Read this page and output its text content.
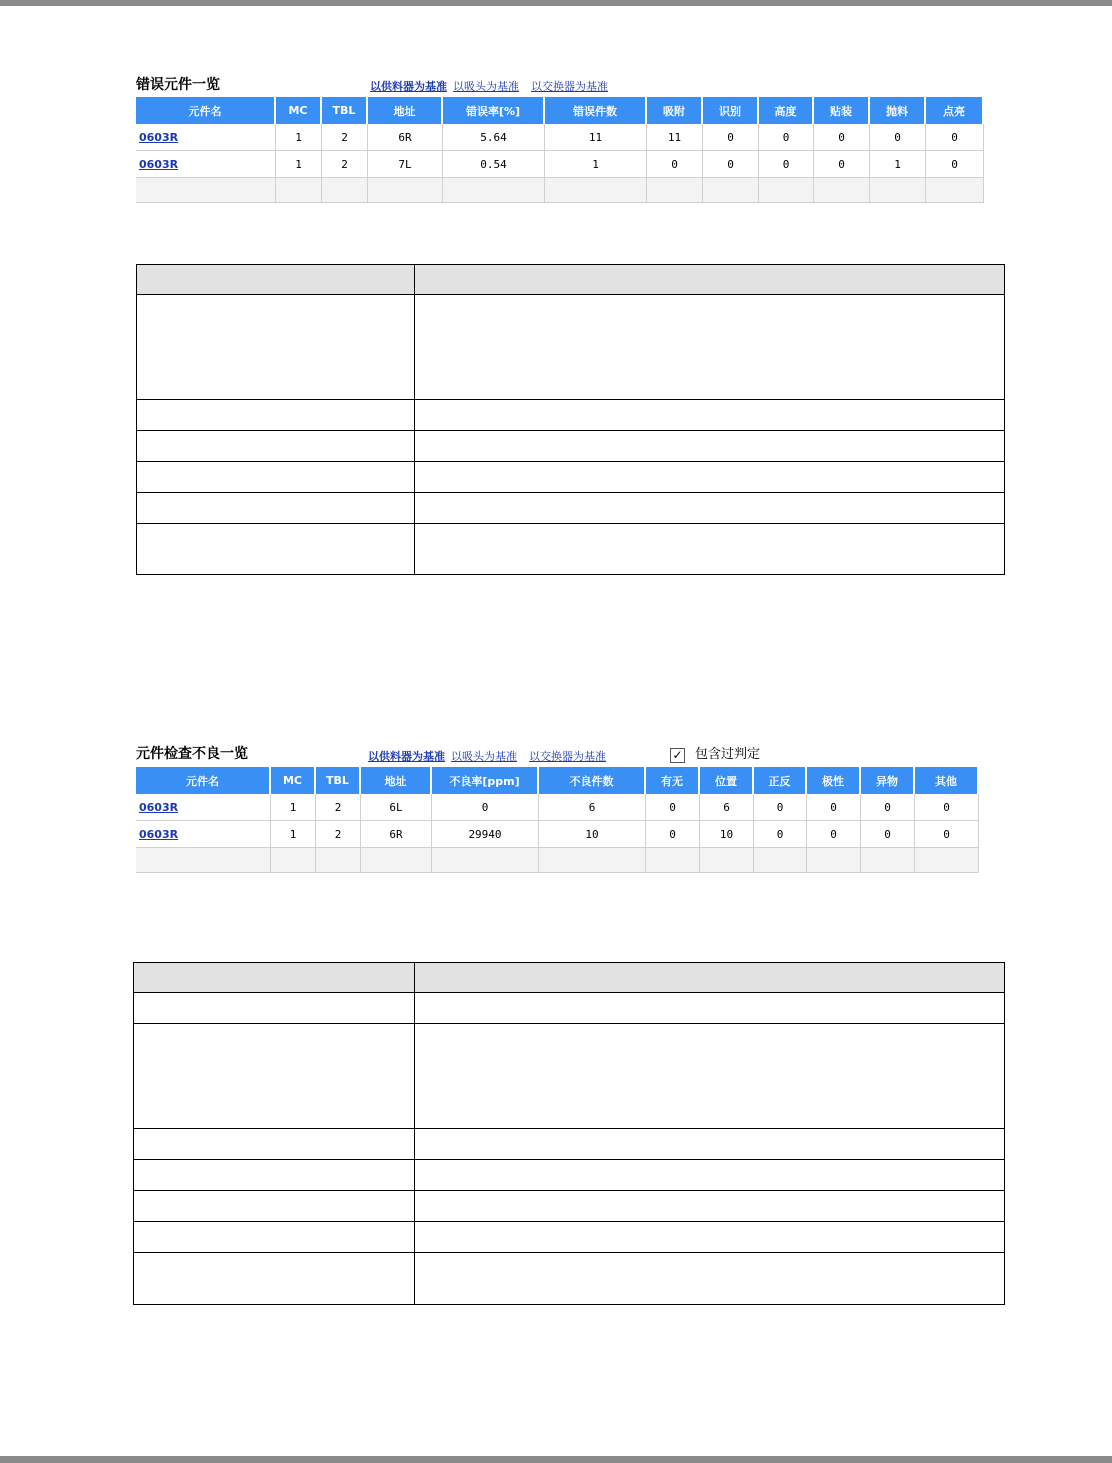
错误元件一览	以供料器为基准 以吸头为基准 以交换器为基准
元件名	MC	TBL	地址	错误率[%]	错误件数	吸附	识别	高度	贴装	抛料	点亮
0603R	1	2	6R	5.64	11	11	0	0	0	0	0
0603R	1	2	7L	0.54	1	0	0	0	0	1	0

元件检查不良一览	以供料器为基准 以吸头为基准 以交换器为基准	✓ 包含过判定
元件名	MC	TBL	地址	不良率[ppm]	不良件数	有无	位置	正反	极性	异物	其他
0603R	1	2	6L	0	6	0	6	0	0	0	0
0603R	1	2	6R	29940	10	0	10	0	0	0	0
